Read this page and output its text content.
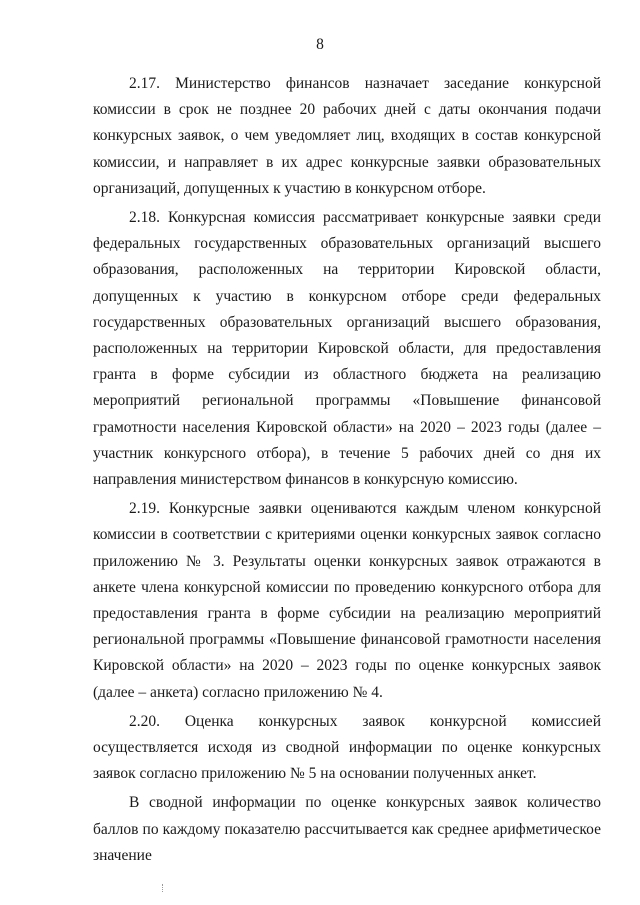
8

2.17. Министерство финансов назначает заседание конкурсной комиссии в срок не позднее 20 рабочих дней с даты окончания подачи конкурсных заявок, о чем уведомляет лиц, входящих в состав конкурсной комиссии, и направляет в их адрес конкурсные заявки образовательных организаций, допущенных к участию в конкурсном отборе.

2.18. Конкурсная комиссия рассматривает конкурсные заявки среди федеральных государственных образовательных организаций высшего образования, расположенных на территории Кировской области, допущенных к участию в конкурсном отборе среди федеральных государственных образовательных организаций высшего образования, расположенных на территории Кировской области, для предоставления гранта в форме субсидии из областного бюджета на реализацию мероприятий региональной программы «Повышение финансовой грамотности населения Кировской области» на 2020 – 2023 годы (далее – участник конкурсного отбора), в течение 5 рабочих дней со дня их направления министерством финансов в конкурсную комиссию.

2.19. Конкурсные заявки оцениваются каждым членом конкурсной комиссии в соответствии с критериями оценки конкурсных заявок согласно приложению № 3. Результаты оценки конкурсных заявок отражаются в анкете члена конкурсной комиссии по проведению конкурсного отбора для предоставления гранта в форме субсидии на реализацию мероприятий региональной программы «Повышение финансовой грамотности населения Кировской области» на 2020 – 2023 годы по оценке конкурсных заявок (далее – анкета) согласно приложению № 4.

2.20. Оценка конкурсных заявок конкурсной комиссией осуществляется исходя из сводной информации по оценке конкурсных заявок согласно приложению № 5 на основании полученных анкет.

В сводной информации по оценке конкурсных заявок количество баллов по каждому показателю рассчитывается как среднее арифметическое значение
